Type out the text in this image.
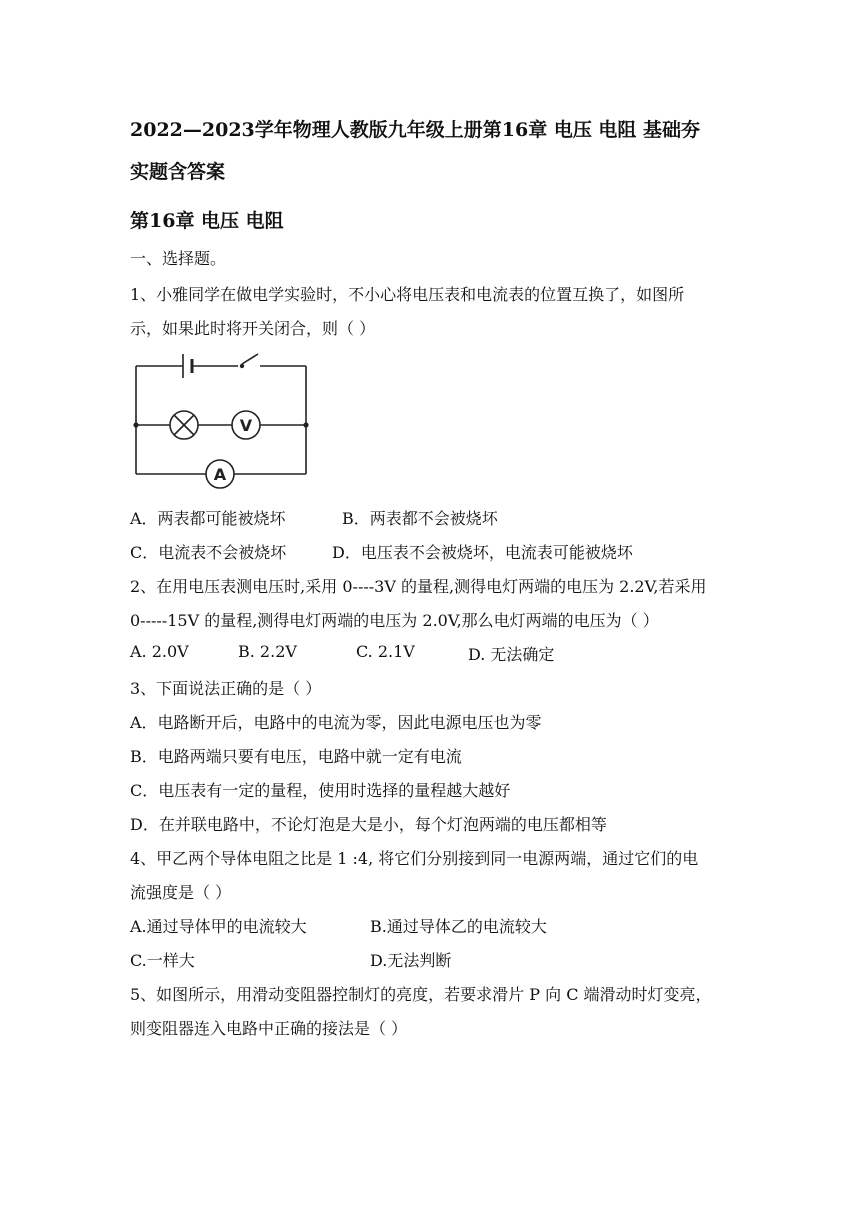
2022—2023学年物理人教版九年级上册第16章 电压 电阻 基础夯
实题含答案
第16章 电压 电阻
一、选择题。
1、小雅同学在做电学实验时，不小心将电压表和电流表的位置互换了，如图所
示，如果此时将开关闭合，则（ ）
V
A
A．两表都可能被烧坏	B．两表都不会被烧坏
C．电流表不会被烧坏	D．电压表不会被烧坏，电流表可能被烧坏
2、在用电压表测电压时,采用 0----3V 的量程,测得电灯两端的电压为 2.2V,若采用
0-----15V 的量程,测得电灯两端的电压为 2.0V,那么电灯两端的电压为（ ）
A. 2.0V	B. 2.2V	C. 2.1V	D. 无法确定
3、下面说法正确的是（ ）
A．电路断开后，电路中的电流为零，因此电源电压也为零
B．电路两端只要有电压，电路中就一定有电流
C．电压表有一定的量程，使用时选择的量程越大越好
D．在并联电路中，不论灯泡是大是小，每个灯泡两端的电压都相等
4、甲乙两个导体电阻之比是 1 :4, 将它们分别接到同一电源两端，通过它们的电
流强度是（ ）
A.通过导体甲的电流较大	B.通过导体乙的电流较大
C.一样大	D.无法判断
5、如图所示，用滑动变阻器控制灯的亮度，若要求滑片 P 向 C 端滑动时灯变亮，
则变阻器连入电路中正确的接法是（ ）
